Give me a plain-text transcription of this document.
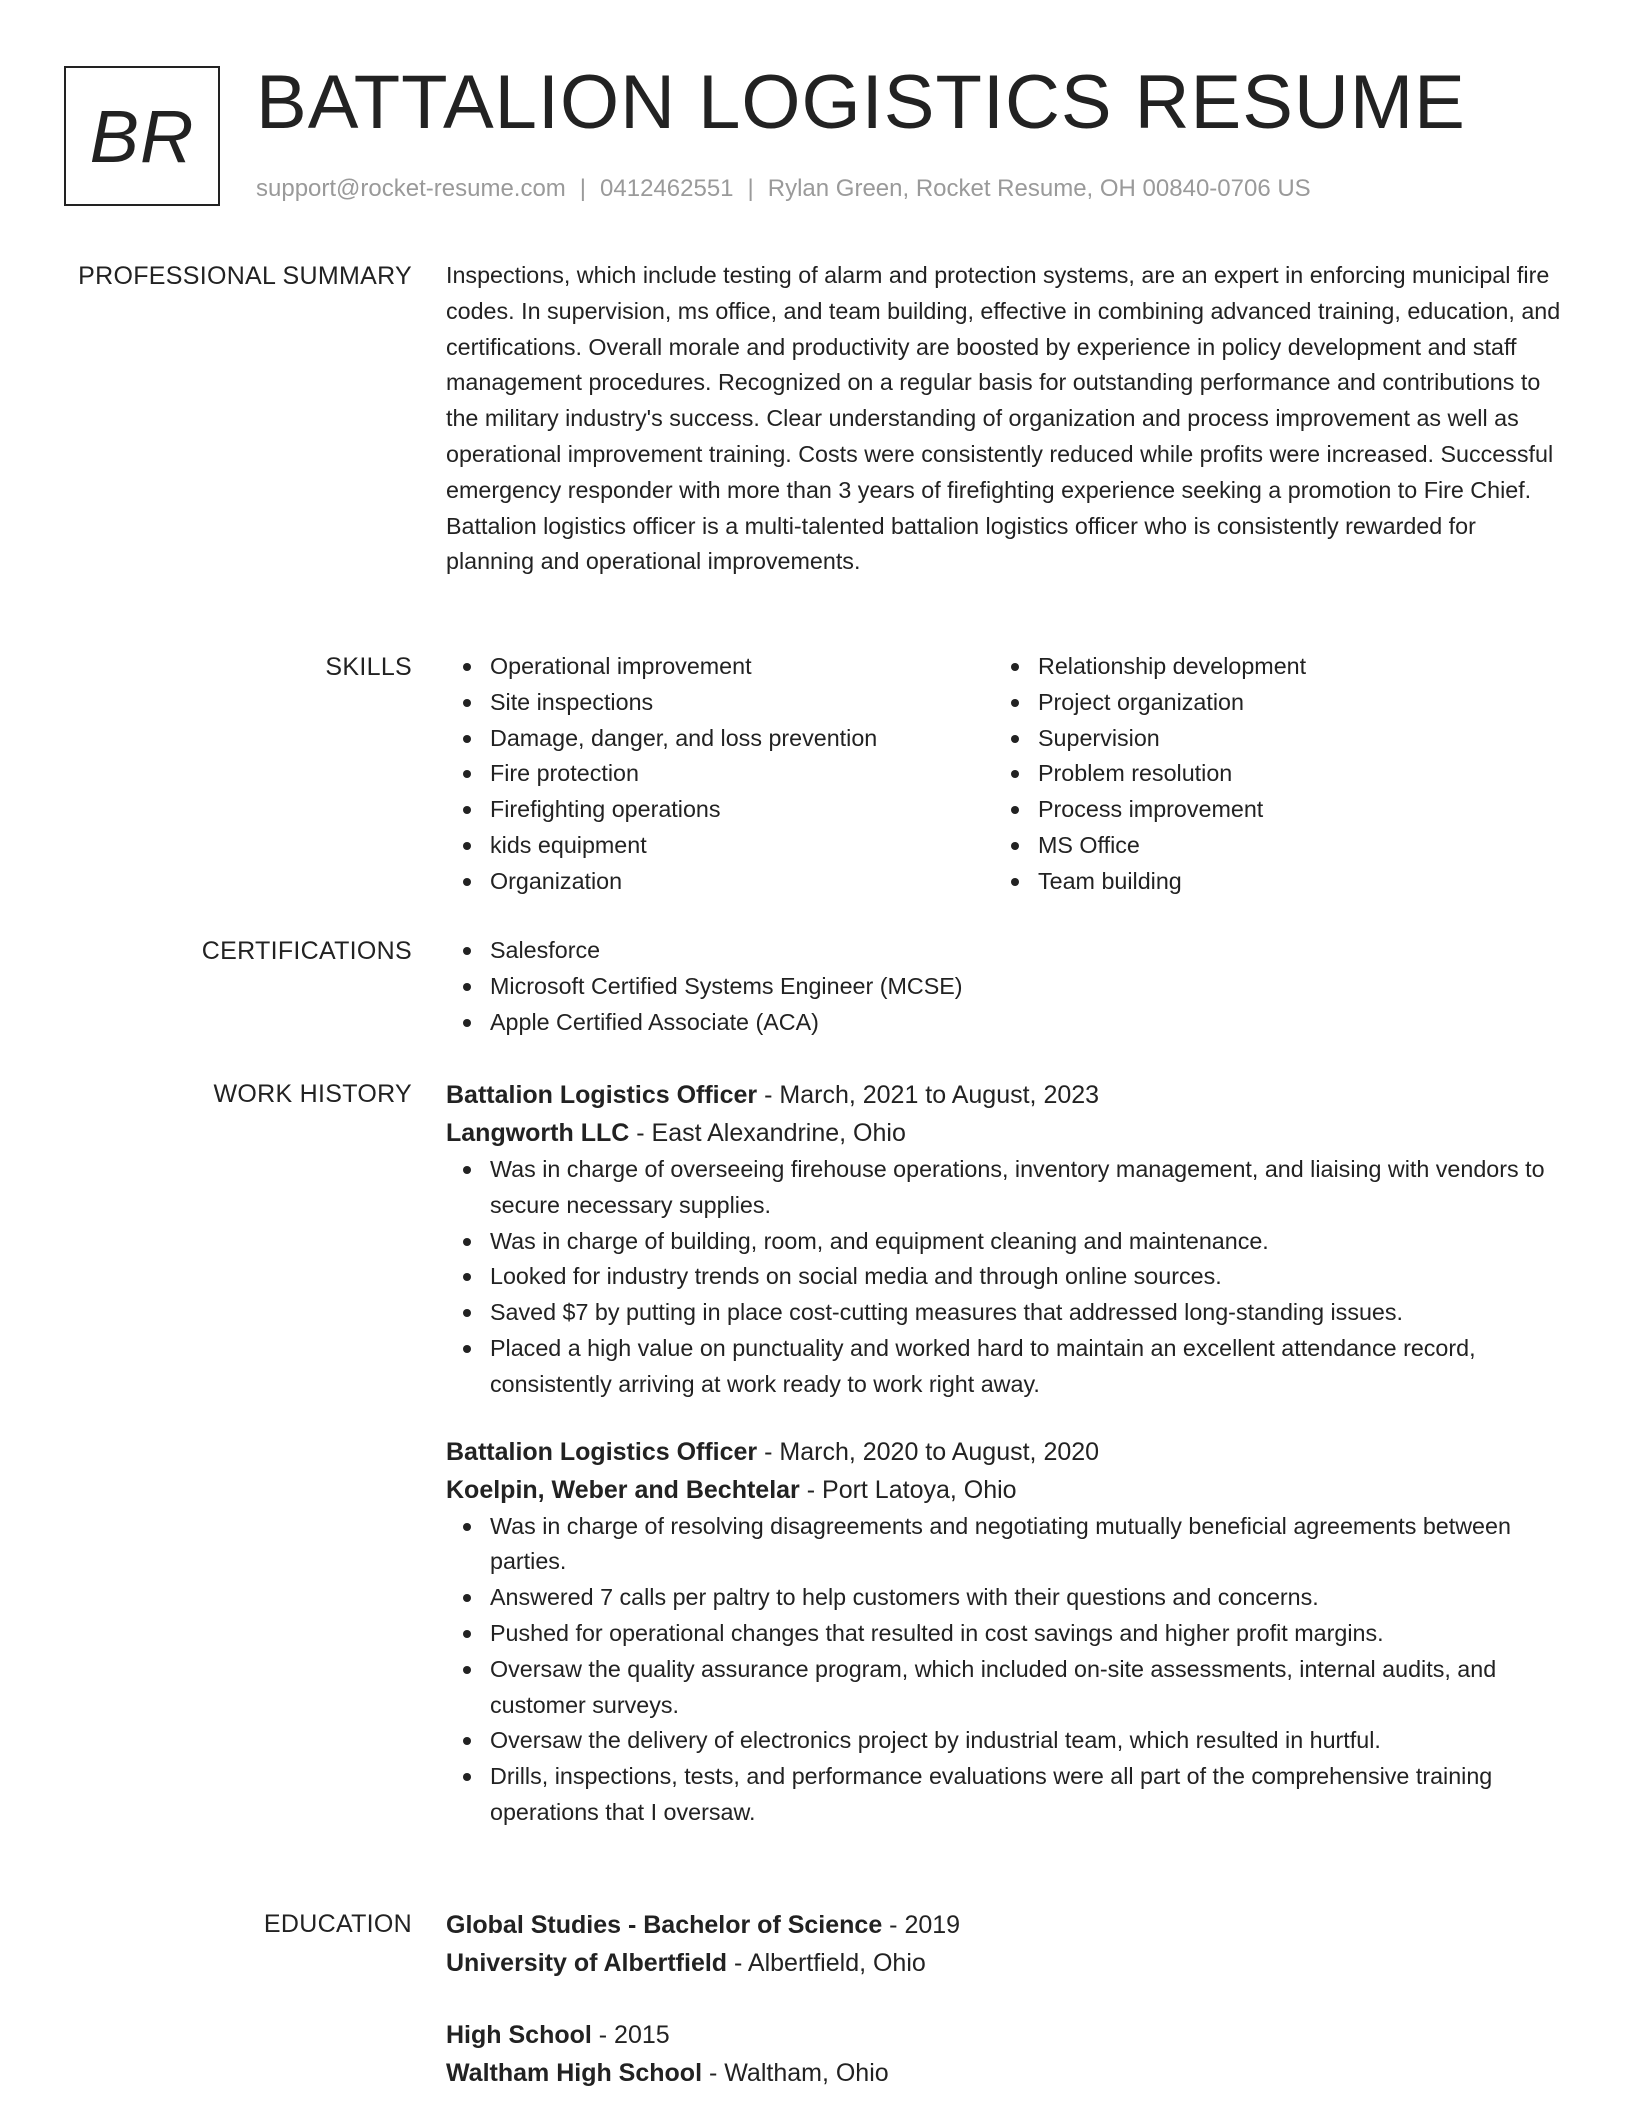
BR BATTALION LOGISTICS RESUME
support@rocket-resume.com | 0412462551 | Rylan Green, Rocket Resume, OH 00840-0706 US
PROFESSIONAL SUMMARY Inspections, which include testing of alarm and protection systems, are an expert in enforcing municipal fire codes. In supervision, ms office, and team building, effective in combining advanced training, education, and certifications. Overall morale and productivity are boosted by experience in policy development and staff management procedures. Recognized on a regular basis for outstanding performance and contributions to the military industry's success. Clear understanding of organization and process improvement as well as operational improvement training. Costs were consistently reduced while profits were increased. Successful emergency responder with more than 3 years of firefighting experience seeking a promotion to Fire Chief. Battalion logistics officer is a multi-talented battalion logistics officer who is consistently rewarded for planning and operational improvements.

SKILLS	Operational improvement
Site inspections
Damage, danger, and loss prevention
Fire protection
Firefighting operations
kids equipment
Organization
Relationship development
Project organization
Supervision
Problem resolution
Process improvement
MS Office
Team building
CERTIFICATIONS	Salesforce
Microsoft Certified Systems Engineer (MCSE)
Apple Certified Associate (ACA)
WORK HISTORY Battalion Logistics Officer - March, 2021 to August, 2023
Langworth LLC - East Alexandrine, Ohio
Was in charge of overseeing firehouse operations, inventory management, and liaising with vendors to secure necessary supplies.
Was in charge of building, room, and equipment cleaning and maintenance.
Looked for industry trends on social media and through online sources.
Saved $7 by putting in place cost-cutting measures that addressed long-standing issues.
Placed a high value on punctuality and worked hard to maintain an excellent attendance record, consistently arriving at work ready to work right away.
Battalion Logistics Officer - March, 2020 to August, 2020
Koelpin, Weber and Bechtelar - Port Latoya, Ohio
Was in charge of resolving disagreements and negotiating mutually beneficial agreements between parties.
Answered 7 calls per paltry to help customers with their questions and concerns.
Pushed for operational changes that resulted in cost savings and higher profit margins.
Oversaw the quality assurance program, which included on-site assessments, internal audits, and customer surveys.
Oversaw the delivery of electronics project by industrial team, which resulted in hurtful.
Drills, inspections, tests, and performance evaluations were all part of the comprehensive training operations that I oversaw.
EDUCATION Global Studies - Bachelor of Science - 2019
University of Albertfield - Albertfield, Ohio
High School - 2015
Waltham High School - Waltham, Ohio
